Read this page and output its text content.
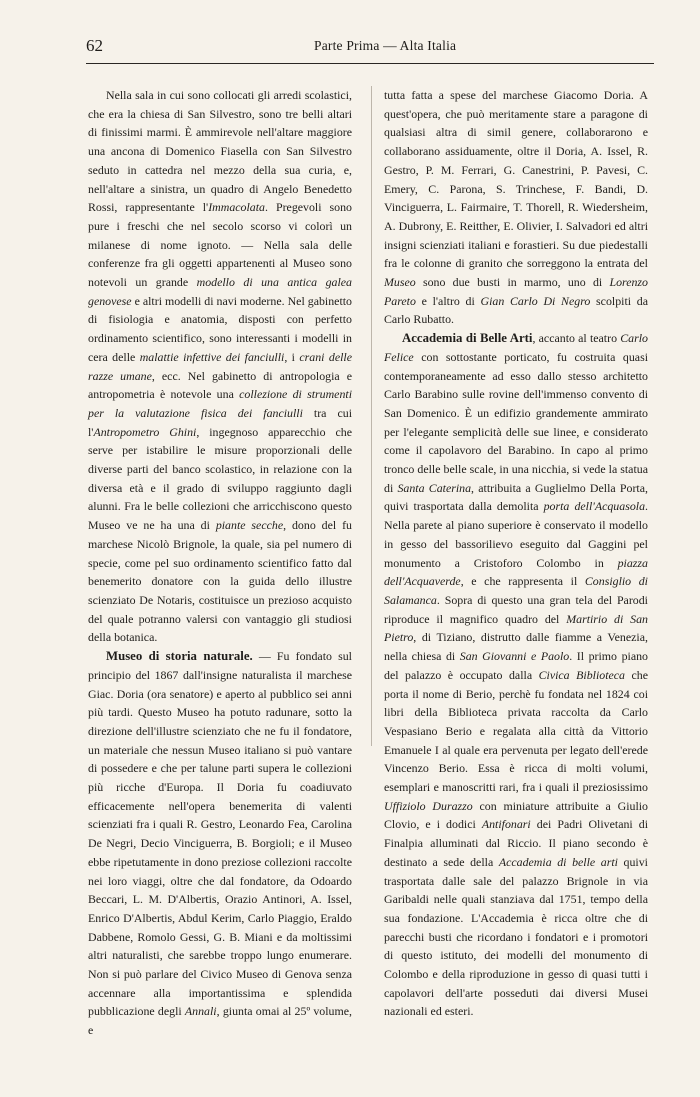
62	Parte Prima — Alta Italia

Nella sala in cui sono collocati gli arredi scolastici, che era la chiesa di San Silvestro, sono tre belli altari di finissimi marmi. È ammirevole nell'altare maggiore una ancona di Domenico Fiasella con San Silvestro seduto in cattedra nel mezzo della sua curia, e, nell'altare a sinistra, un quadro di Angelo Benedetto Rossi, rappresentante l'Immacolata. Pregevoli sono pure i freschi che nel secolo scorso vi colorì un milanese di nome ignoto. — Nella sala delle conferenze fra gli oggetti appartenenti al Museo sono notevoli un grande modello di una antica galea genovese e altri modelli di navi moderne. Nel gabinetto di fisiologia e anatomia, disposti con perfetto ordinamento scientifico, sono interessanti i modelli in cera delle malattie infettive dei fanciulli, i crani delle razze umane, ecc. Nel gabinetto di antropologia e antropometria è notevole una collezione di strumenti per la valutazione fisica dei fanciulli tra cui l'Antropometro Ghini, ingegnoso apparecchio che serve per istabilire le misure proporzionali delle diverse parti del banco scolastico, in relazione con la diversa età e il grado di sviluppo raggiunto dagli alunni. Fra le belle collezioni che arricchiscono questo Museo ve ne ha una di piante secche, dono del fu marchese Nicolò Brignole, la quale, sia pel numero di specie, come pel suo ordinamento scientifico fatto dal benemerito donatore con la guida dello illustre scienziato De Notaris, costituisce un prezioso acquisto del quale potranno valersi con vantaggio gli studiosi della botanica.

Museo di storia naturale. — Fu fondato sul principio del 1867 dall'insigne naturalista il marchese Giac. Doria (ora senatore) e aperto al pubblico sei anni più tardi. Questo Museo ha potuto radunare, sotto la direzione dell'illustre scienziato che ne fu il fondatore, un materiale che nessun Museo italiano si può vantare di possedere e che per talune parti supera le collezioni più ricche d'Europa. Il Doria fu coadiuvato efficacemente nell'opera benemerita di valenti scienziati fra i quali R. Gestro, Leonardo Fea, Carolina De Negri, Decio Vinciguerra, B. Borgioli; e il Museo ebbe ripetutamente in dono preziose collezioni raccolte nei loro viaggi, oltre che dal fondatore, da Odoardo Beccari, L. M. D'Albertis, Orazio Antinori, A. Issel, Enrico D'Albertis, Abdul Kerim, Carlo Piaggio, Eraldo Dabbene, Romolo Gessi, G. B. Miani e da moltissimi altri naturalisti, che sarebbe troppo lungo enumerare. Non si può parlare del Civico Museo di Genova senza accennare alla importantissima e splendida pubblicazione degli Annali, giunta omai al 25º volume, e

tutta fatta a spese del marchese Giacomo Doria. A quest'opera, che può meritamente stare a paragone di qualsiasi altra di simil genere, collaborarono e collaborano assiduamente, oltre il Doria, A. Issel, R. Gestro, P. M. Ferrari, G. Canestrini, P. Pavesi, C. Emery, C. Parona, S. Trinchese, F. Bandi, D. Vinciguerra, L. Fairmaire, T. Thorell, R. Wiedersheim, A. Dubrony, E. Reitther, E. Olivier, I. Salvadori ed altri insigni scienziati italiani e forastieri. Su due piedestalli fra le colonne di granito che sorreggono la entrata del Museo sono due busti in marmo, uno di Lorenzo Pareto e l'altro di Gian Carlo Di Negro scolpiti da Carlo Rubatto.

Accademia di Belle Arti, accanto al teatro Carlo Felice con sottostante porticato, fu costruita quasi contemporaneamente ad esso dallo stesso architetto Carlo Barabino sulle rovine dell'immenso convento di San Domenico. È un edifizio grandemente ammirato per l'elegante semplicità delle sue linee, e considerato come il capolavoro del Barabino. In capo al primo tronco delle belle scale, in una nicchia, si vede la statua di Santa Caterina, attribuita a Guglielmo Della Porta, quivi trasportata dalla demolita porta dell'Acquasola. Nella parete al piano superiore è conservato il modello in gesso del bassorilievo eseguito dal Gaggini pel monumento a Cristoforo Colombo in piazza dell'Acquaverde, e che rappresenta il Consiglio di Salamanca. Sopra di questo una gran tela del Parodi riproduce il magnifico quadro del Martirio di San Pietro, di Tiziano, distrutto dalle fiamme a Venezia, nella chiesa di San Giovanni e Paolo. Il primo piano del palazzo è occupato dalla Civica Biblioteca che porta il nome di Berio, perchè fu fondata nel 1824 coi libri della Biblioteca privata raccolta da Carlo Vespasiano Berio e regalata alla città da Vittorio Emanuele I al quale era pervenuta per legato dell'erede Vincenzo Berio. Essa è ricca di molti volumi, esemplari e manoscritti rari, fra i quali il preziosissimo Uffiziolo Durazzo con miniature attribuite a Giulio Clovio, e i dodici Antifonari dei Padri Olivetani di Finalpia alluminati dal Riccio. Il piano secondo è destinato a sede della Accademia di belle arti quivi trasportata dalle sale del palazzo Brignole in via Garibaldi nelle quali stanziava dal 1751, tempo della sua fondazione. L'Accademia è ricca oltre che di parecchi busti che ricordano i fondatori e i promotori di questo istituto, dei modelli del monumento di Colombo e della riproduzione in gesso di quasi tutti i capolavori dell'arte posseduti dai diversi Musei nazionali ed esteri.
